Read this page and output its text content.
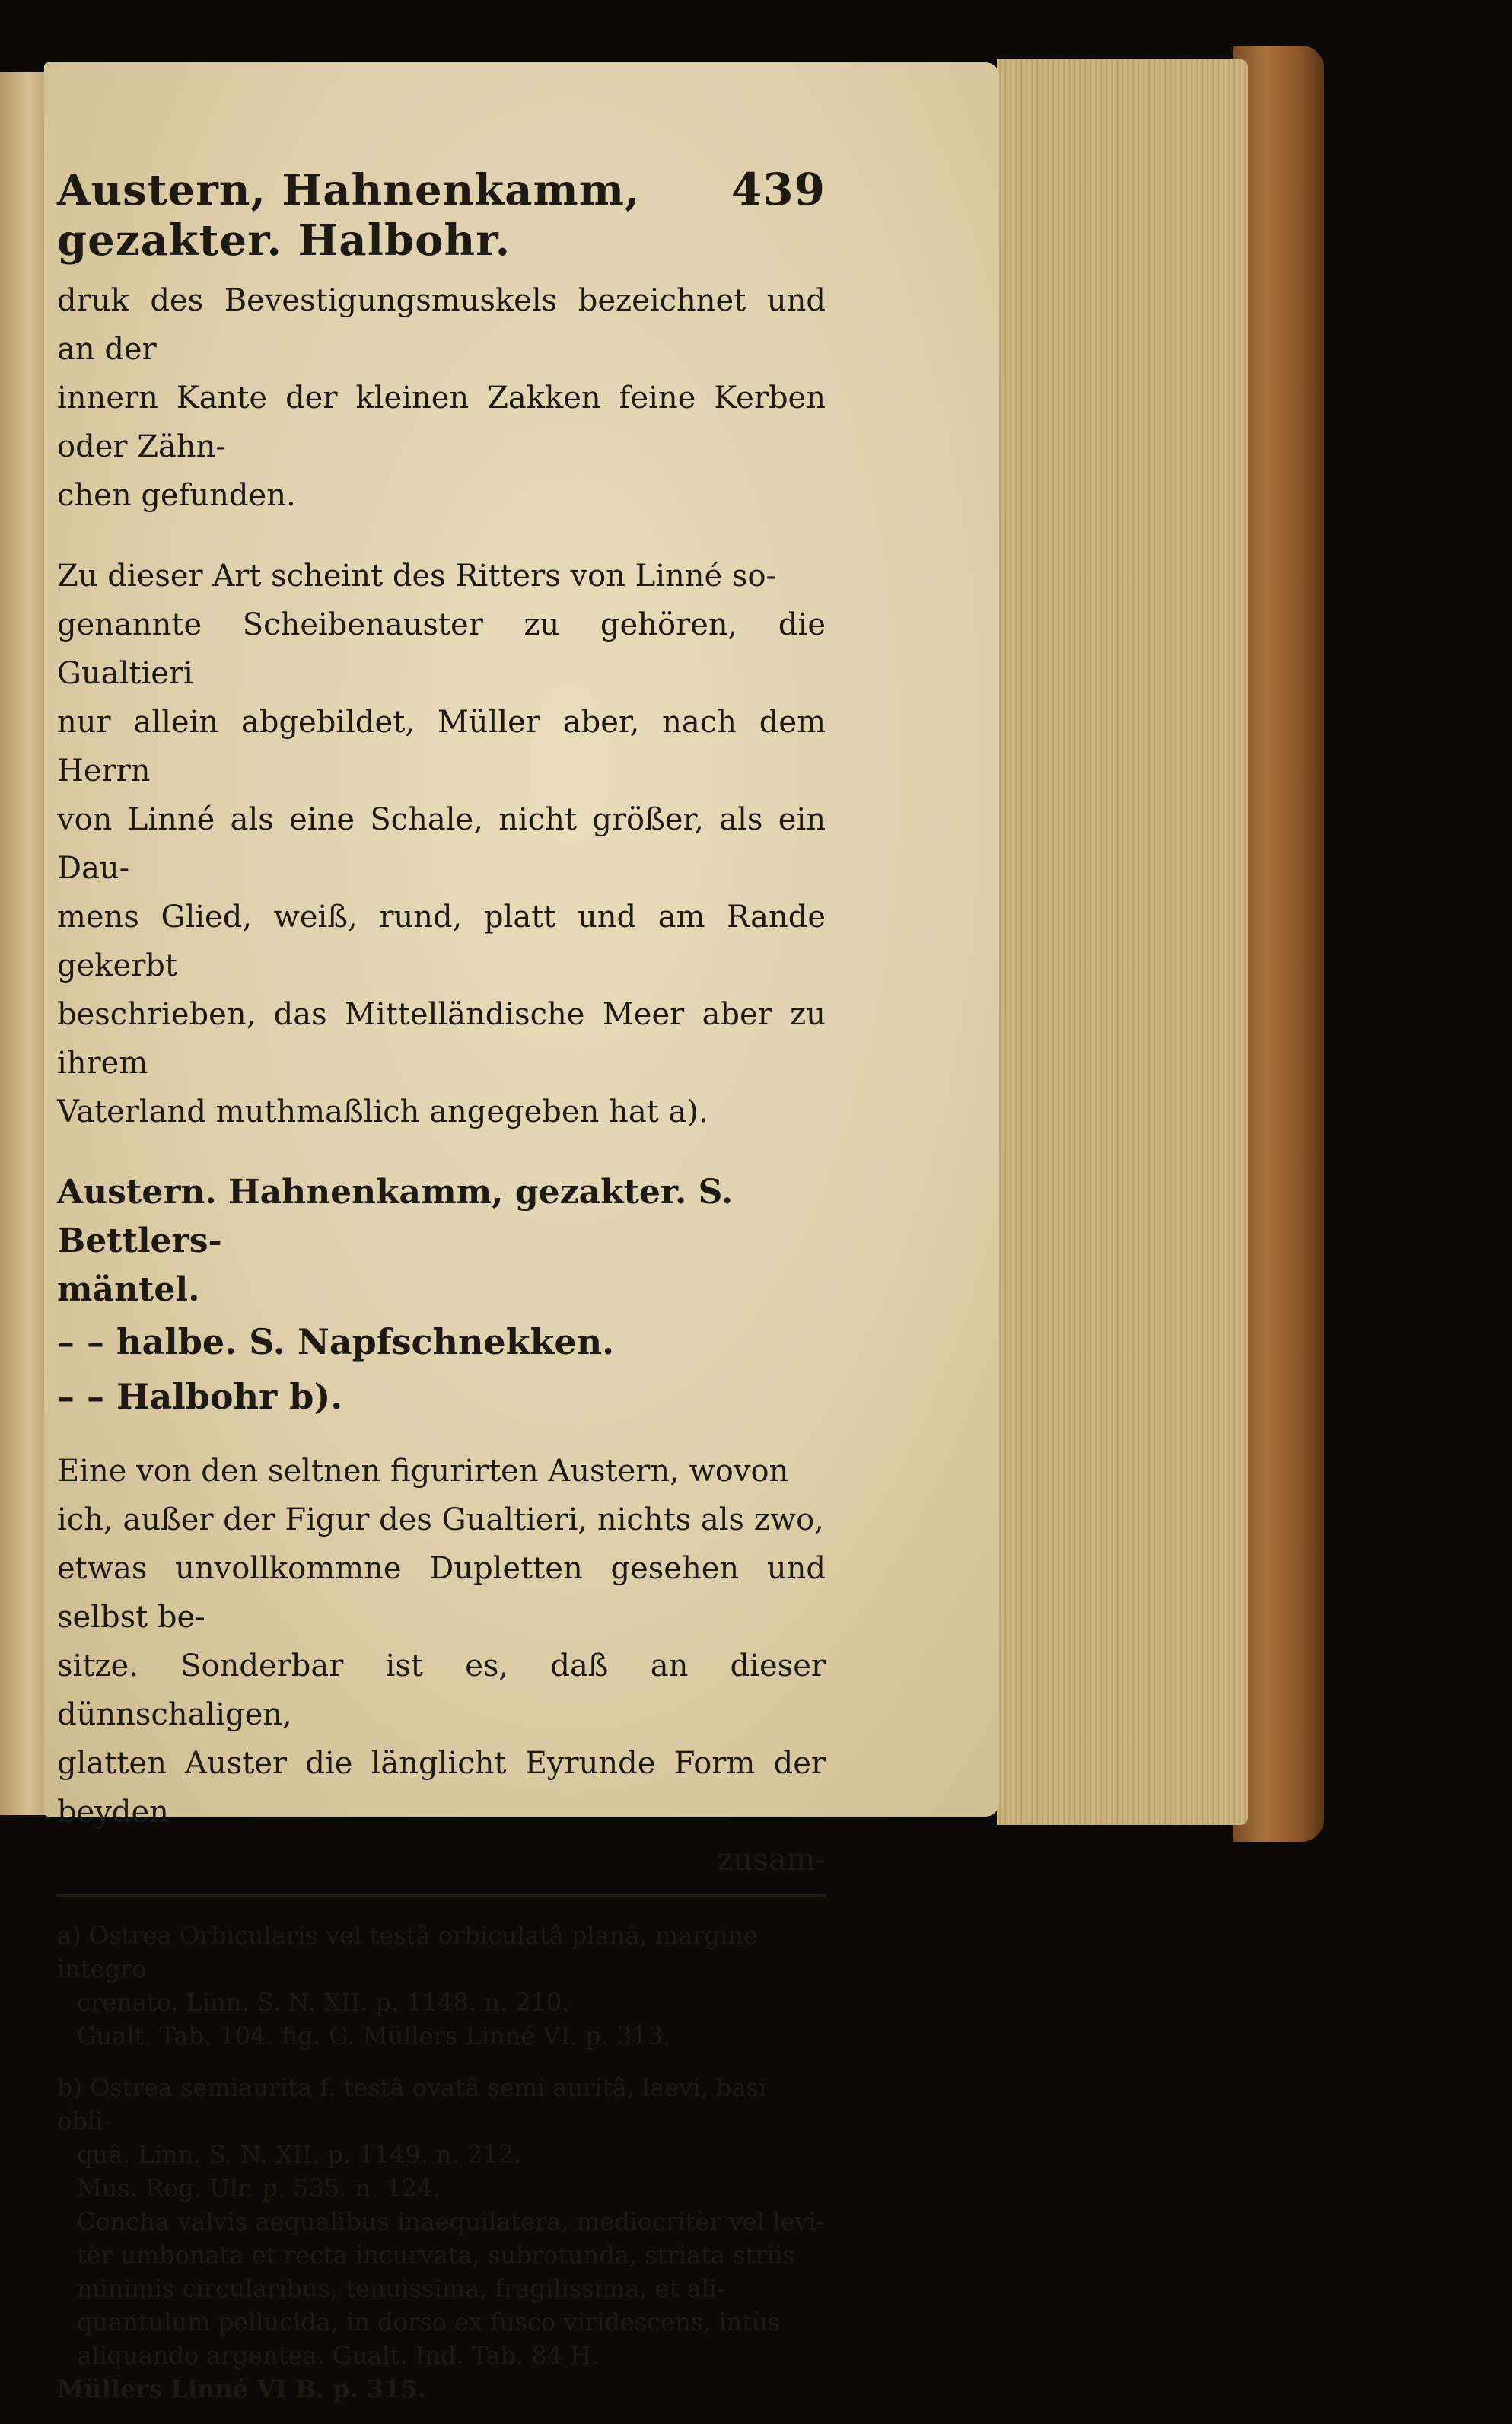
Austern, Hahnenkamm, gezakter. Halbohr.
439

druk des Bevestigungsmuskels bezeichnet und an der

innern Kante der kleinen Zakken feine Kerben oder Zähn-

chen gefunden.

Zu dieser Art scheint des Ritters von Linné so-

genannte Scheibenauster zu gehören, die Gualtieri

nur allein abgebildet, Müller aber, nach dem Herrn

von Linné als eine Schale, nicht größer, als ein Dau-

mens Glied, weiß, rund, platt und am Rande gekerbt

beschrieben, das Mittelländische Meer aber zu ihrem

Vaterland muthmaßlich angegeben hat a).

Austern. Hahnenkamm, gezakter. S. Bettlers-
mäntel.
– – halbe. S. Napfschnekken.
– – Halbohr b).

Eine von den seltnen figurirten Austern, wovon

ich, außer der Figur des Gualtieri, nichts als zwo,

etwas unvollkommne Dupletten gesehen und selbst be-

sitze. Sonderbar ist es, daß an dieser dünnschaligen,

glatten Auster die länglicht Eyrunde Form der beyden

zusam-
a) Ostrea Orbicularis vel testâ orbiculatâ planâ, margine integro
crenato. Linn. S. N. XII. p. 1148. n. 210.
Gualt. Tab. 104. fig. G. Müllers Linné VI. p. 313.
b) Ostrea semiaurita f. testâ ovatâ semi auritâ, laevi, basi obli-
quâ. Linn. S. N. XII. p. 1149. n. 212.
Mus. Reg. Ulr. p. 535. n. 124.
Concha valvis aequalibus inaequilatera, mediocritèr vel levi-
tèr umbonata et recta incurvata, subrotunda, striata striis
minimis circularibus, tenuissima, fragilissima, et ali-
quantulum pellucida, in dorso ex fusco viridescens, intùs
aliquando argentea. Gualt. Ind. Tab. 84 H.
Müllers Linné VI B. p. 315.
